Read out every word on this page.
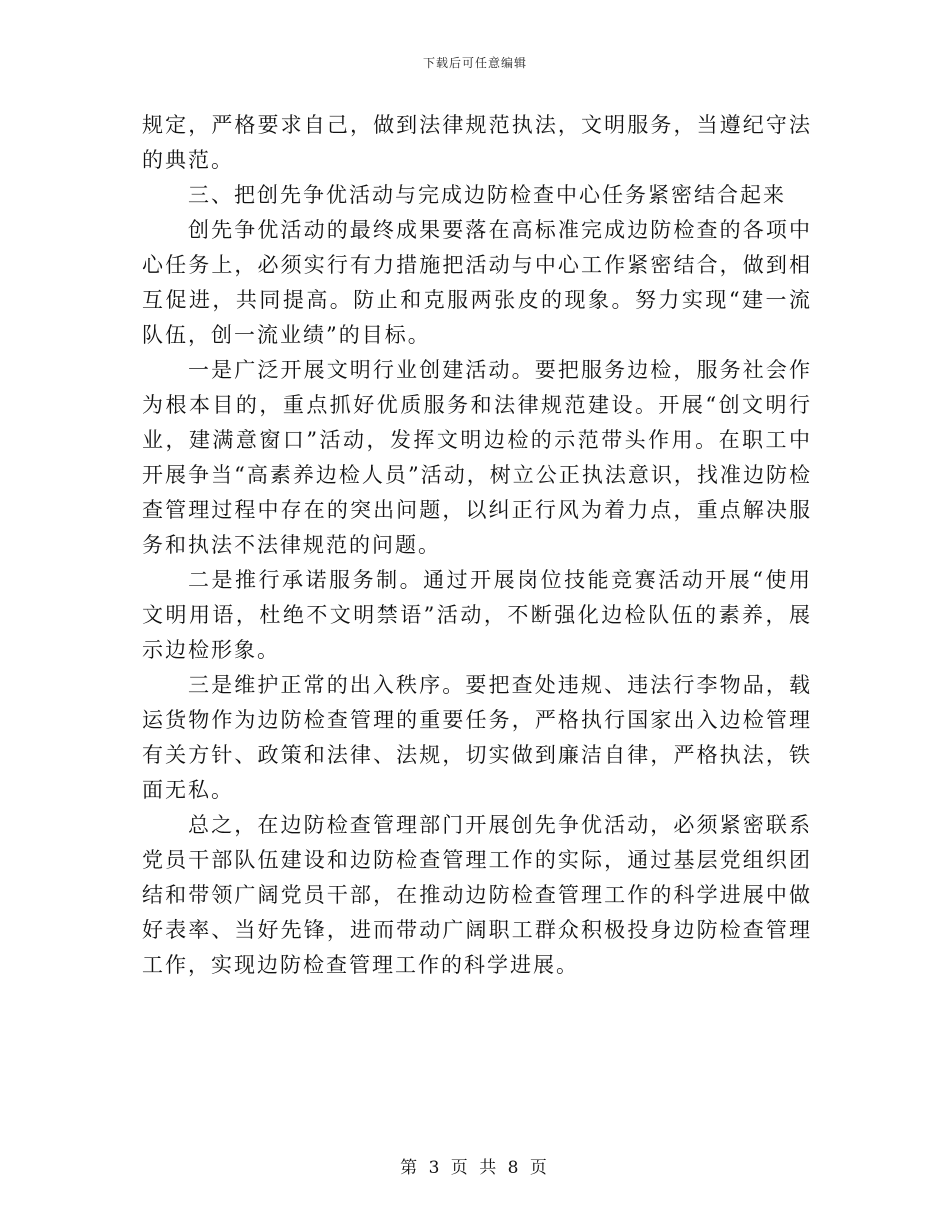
下载后可任意编辑

规定，严格要求自己，做到法律规范执法，文明服务，当遵纪守法的典范。

三、把创先争优活动与完成边防检查中心任务紧密结合起来

创先争优活动的最终成果要落在高标准完成边防检查的各项中心任务上，必须实行有力措施把活动与中心工作紧密结合，做到相互促进，共同提高。防止和克服两张皮的现象。努力实现“建一流队伍，创一流业绩”的目标。

一是广泛开展文明行业创建活动。要把服务边检，服务社会作为根本目的，重点抓好优质服务和法律规范建设。开展“创文明行业，建满意窗口”活动，发挥文明边检的示范带头作用。在职工中开展争当“高素养边检人员”活动，树立公正执法意识，找准边防检查管理过程中存在的突出问题，以纠正行风为着力点，重点解决服务和执法不法律规范的问题。

二是推行承诺服务制。通过开展岗位技能竞赛活动开展“使用文明用语，杜绝不文明禁语”活动，不断强化边检队伍的素养，展示边检形象。

三是维护正常的出入秩序。要把查处违规、违法行李物品，载运货物作为边防检查管理的重要任务，严格执行国家出入边检管理有关方针、政策和法律、法规，切实做到廉洁自律，严格执法，铁面无私。

总之，在边防检查管理部门开展创先争优活动，必须紧密联系党员干部队伍建设和边防检查管理工作的实际，通过基层党组织团结和带领广阔党员干部，在推动边防检查管理工作的科学进展中做好表率、当好先锋，进而带动广阔职工群众积极投身边防检查管理工作，实现边防检查管理工作的科学进展。

第 3 页 共 8 页
